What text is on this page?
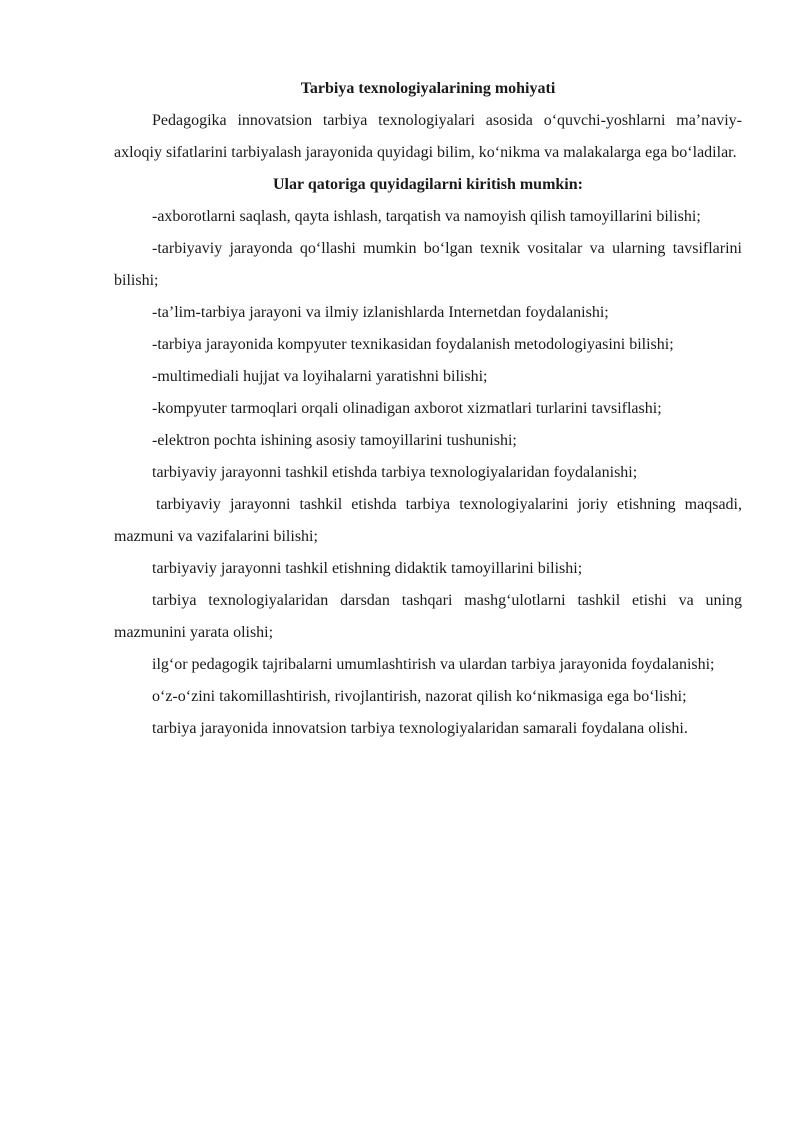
Tarbiya texnologiyalarining mohiyati

Pedagogika innovatsion tarbiya texnologiyalari asosida o‘quvchi-yoshlarni ma’naviy-axloqiy sifatlarini tarbiyalash jarayonida quyidagi bilim, ko‘nikma va malakalarga ega bo‘ladilar.

Ular qatoriga quyidagilarni kiritish mumkin:

-axborotlarni saqlash, qayta ishlash, tarqatish va namoyish qilish tamoyillarini bilishi;

-tarbiyaviy jarayonda qo‘llashi mumkin bo‘lgan texnik vositalar va ularning tavsiflarini bilishi;

-ta’lim-tarbiya jarayoni va ilmiy izlanishlarda Internetdan foydalanishi;

-tarbiya jarayonida kompyuter texnikasidan foydalanish metodologiyasini bilishi;

-multimediali hujjat va loyihalarni yaratishni bilishi;

-kompyuter tarmoqlari orqali olinadigan axborot xizmatlari turlarini tavsiflashi;

-elektron pochta ishining asosiy tamoyillarini tushunishi;

tarbiyaviy jarayonni tashkil etishda tarbiya texnologiyalaridan foydalanishi;

tarbiyaviy jarayonni tashkil etishda tarbiya texnologiyalarini joriy etishning maqsadi, mazmuni va vazifalarini bilishi;

tarbiyaviy jarayonni tashkil etishning didaktik tamoyillarini bilishi;

tarbiya texnologiyalaridan darsdan tashqari mashg‘ulotlarni tashkil etishi va uning mazmunini yarata olishi;

ilg‘or pedagogik tajribalarni umumlashtirish va ulardan tarbiya jarayonida foydalanishi;

o‘z-o‘zini takomillashtirish, rivojlantirish, nazorat qilish ko‘nikmasiga ega bo‘lishi;

tarbiya jarayonida innovatsion tarbiya texnologiyalaridan samarali foydalana olishi.
